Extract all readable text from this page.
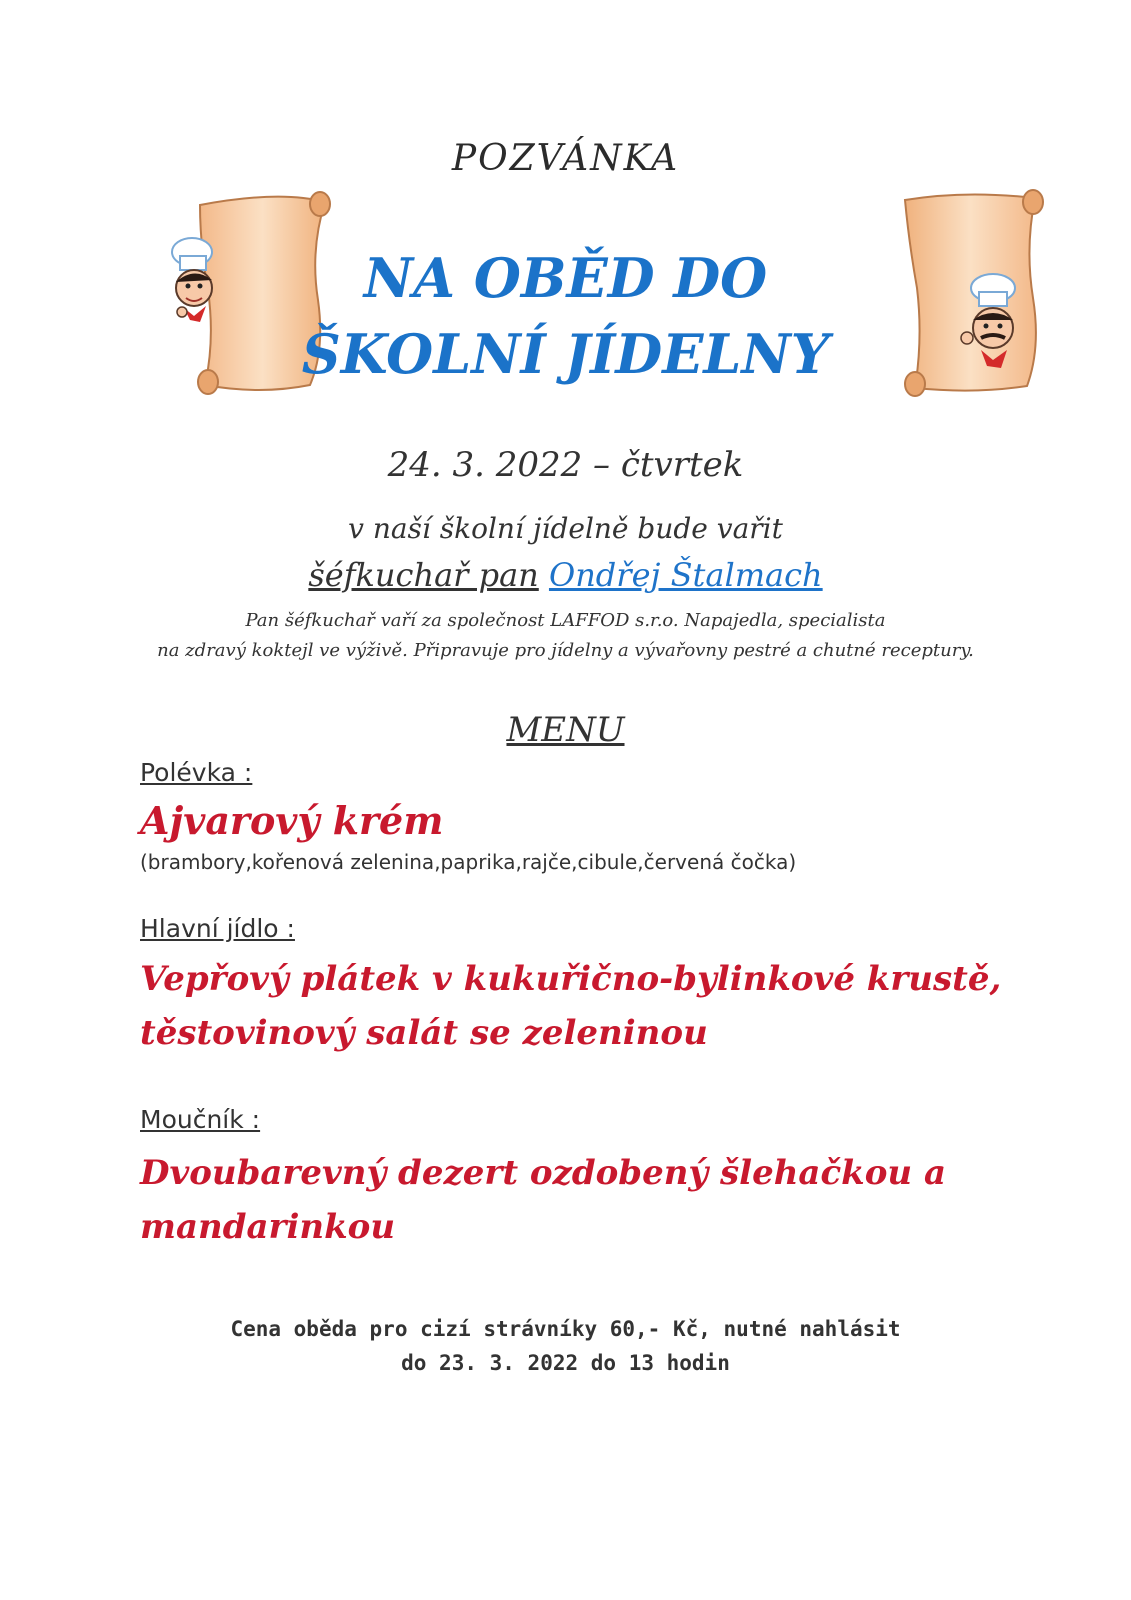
POZVÁNKA
NA OBĚD DO
ŠKOLNÍ JÍDELNY
24. 3. 2022 – čtvrtek
v naší školní jídelně bude vařit
šéfkuchař pan Ondřej Štalmach
Pan šéfkuchař vaří za společnost LAFFOD s.r.o. Napajedla, specialista
na zdravý koktejl ve výživě. Připravuje pro jídelny a vývařovny pestré a chutné receptury.
MENU
Polévka :
Ajvarový krém
(brambory,kořenová zelenina,paprika,rajče,cibule,červená čočka)
Hlavní jídlo :
Vepřový plátek v kukuřično-bylinkové krustě,
těstovinový salát se zeleninou
Moučník :
Dvoubarevný dezert ozdobený šlehačkou a
mandarinkou
Cena oběda pro cizí strávníky 60,- Kč, nutné nahlásit
do 23. 3. 2022 do 13 hodin
